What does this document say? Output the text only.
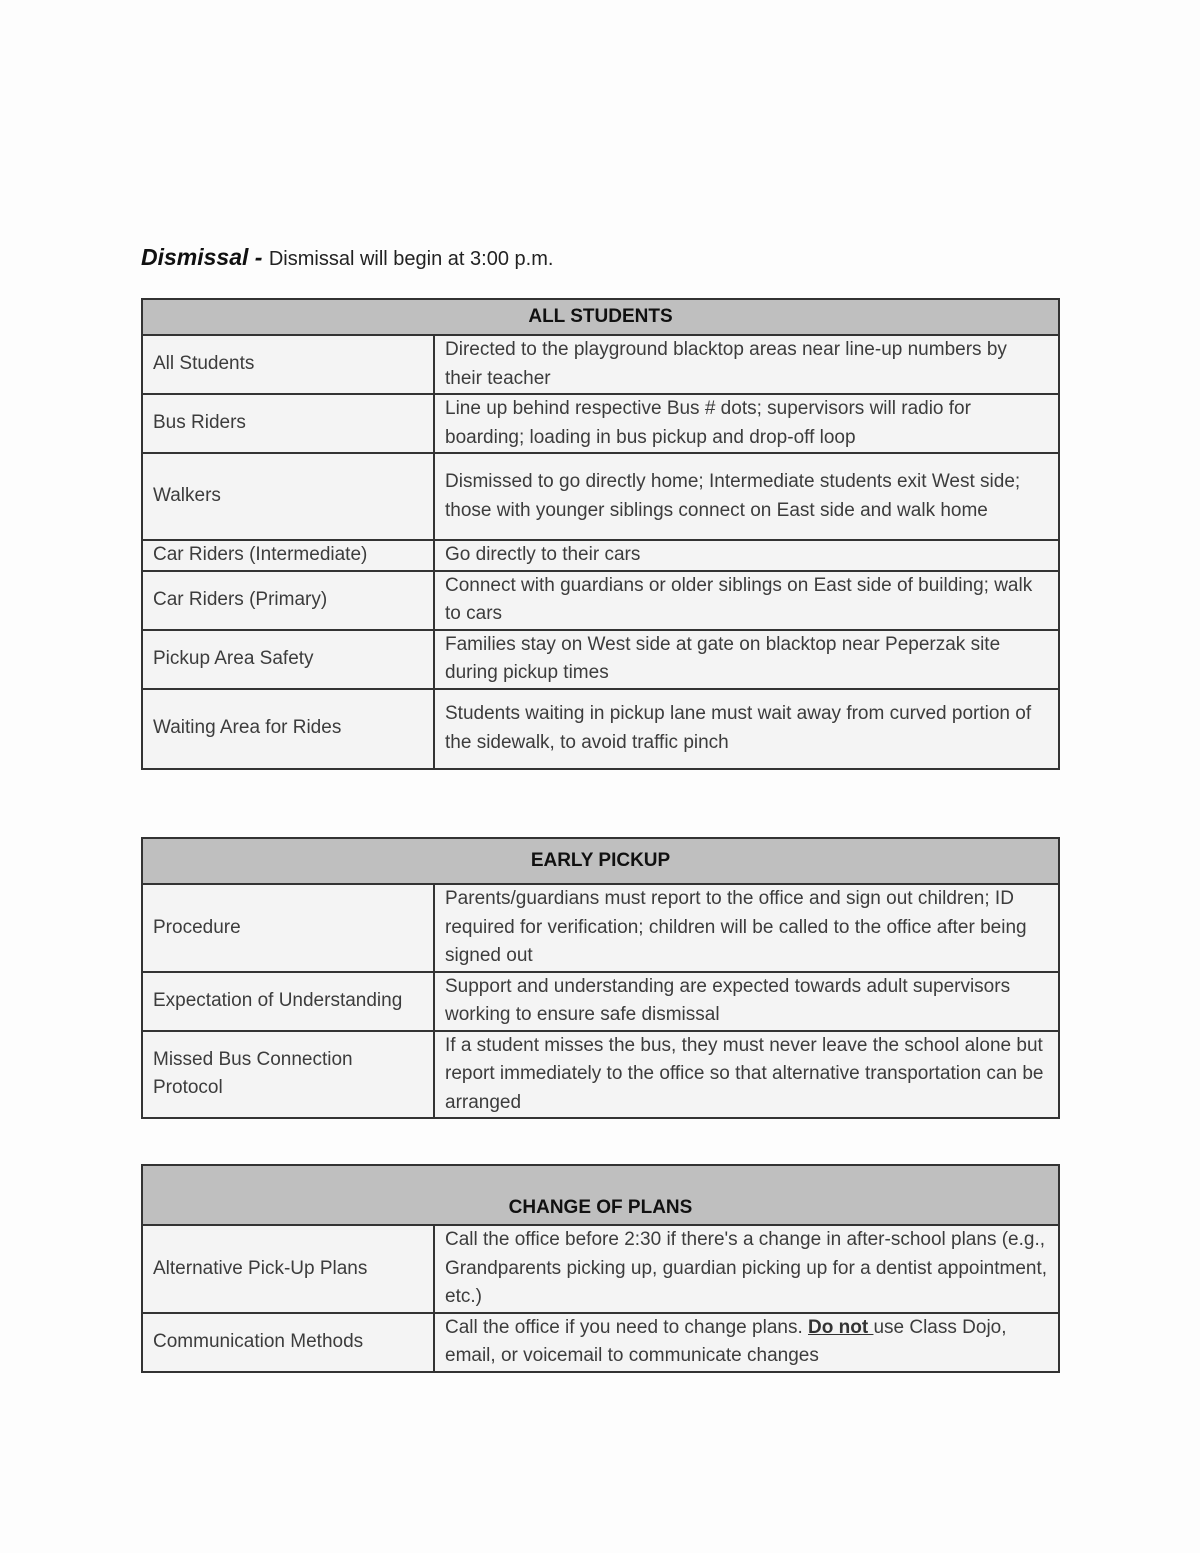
Dismissal - Dismissal will begin at 3:00 p.m.
ALL STUDENTS	
All Students	Directed to the playground blacktop areas near line-up numbers by their teacher
Bus Riders	Line up behind respective Bus # dots; supervisors will radio for boarding; loading in bus pickup and drop-off loop
Walkers	Dismissed to go directly home; Intermediate students exit West side; those with younger siblings connect on East side and walk home
Car Riders (Intermediate)	Go directly to their cars
Car Riders (Primary)	Connect with guardians or older siblings on East side of building; walk to cars
Pickup Area Safety	Families stay on West side at gate on blacktop near Peperzak site during pickup times
Waiting Area for Rides	Students waiting in pickup lane must wait away from curved portion of the sidewalk, to avoid traffic pinch
EARLY PICKUP	
Procedure	Parents/guardians must report to the office and sign out children; ID required for verification; children will be called to the office after being signed out
Expectation of Understanding	Support and understanding are expected towards adult supervisors working to ensure safe dismissal
Missed Bus Connection Protocol	If a student misses the bus, they must never leave the school alone but report immediately to the office so that alternative transportation can be arranged
CHANGE OF PLANS	
Alternative Pick-Up Plans	Call the office before 2:30 if there's a change in after-school plans (e.g., Grandparents picking up, guardian picking up for a dentist appointment, etc.)
Communication Methods	Call the office if you need to change plans. Do not use Class Dojo, email, or voicemail to communicate changes
